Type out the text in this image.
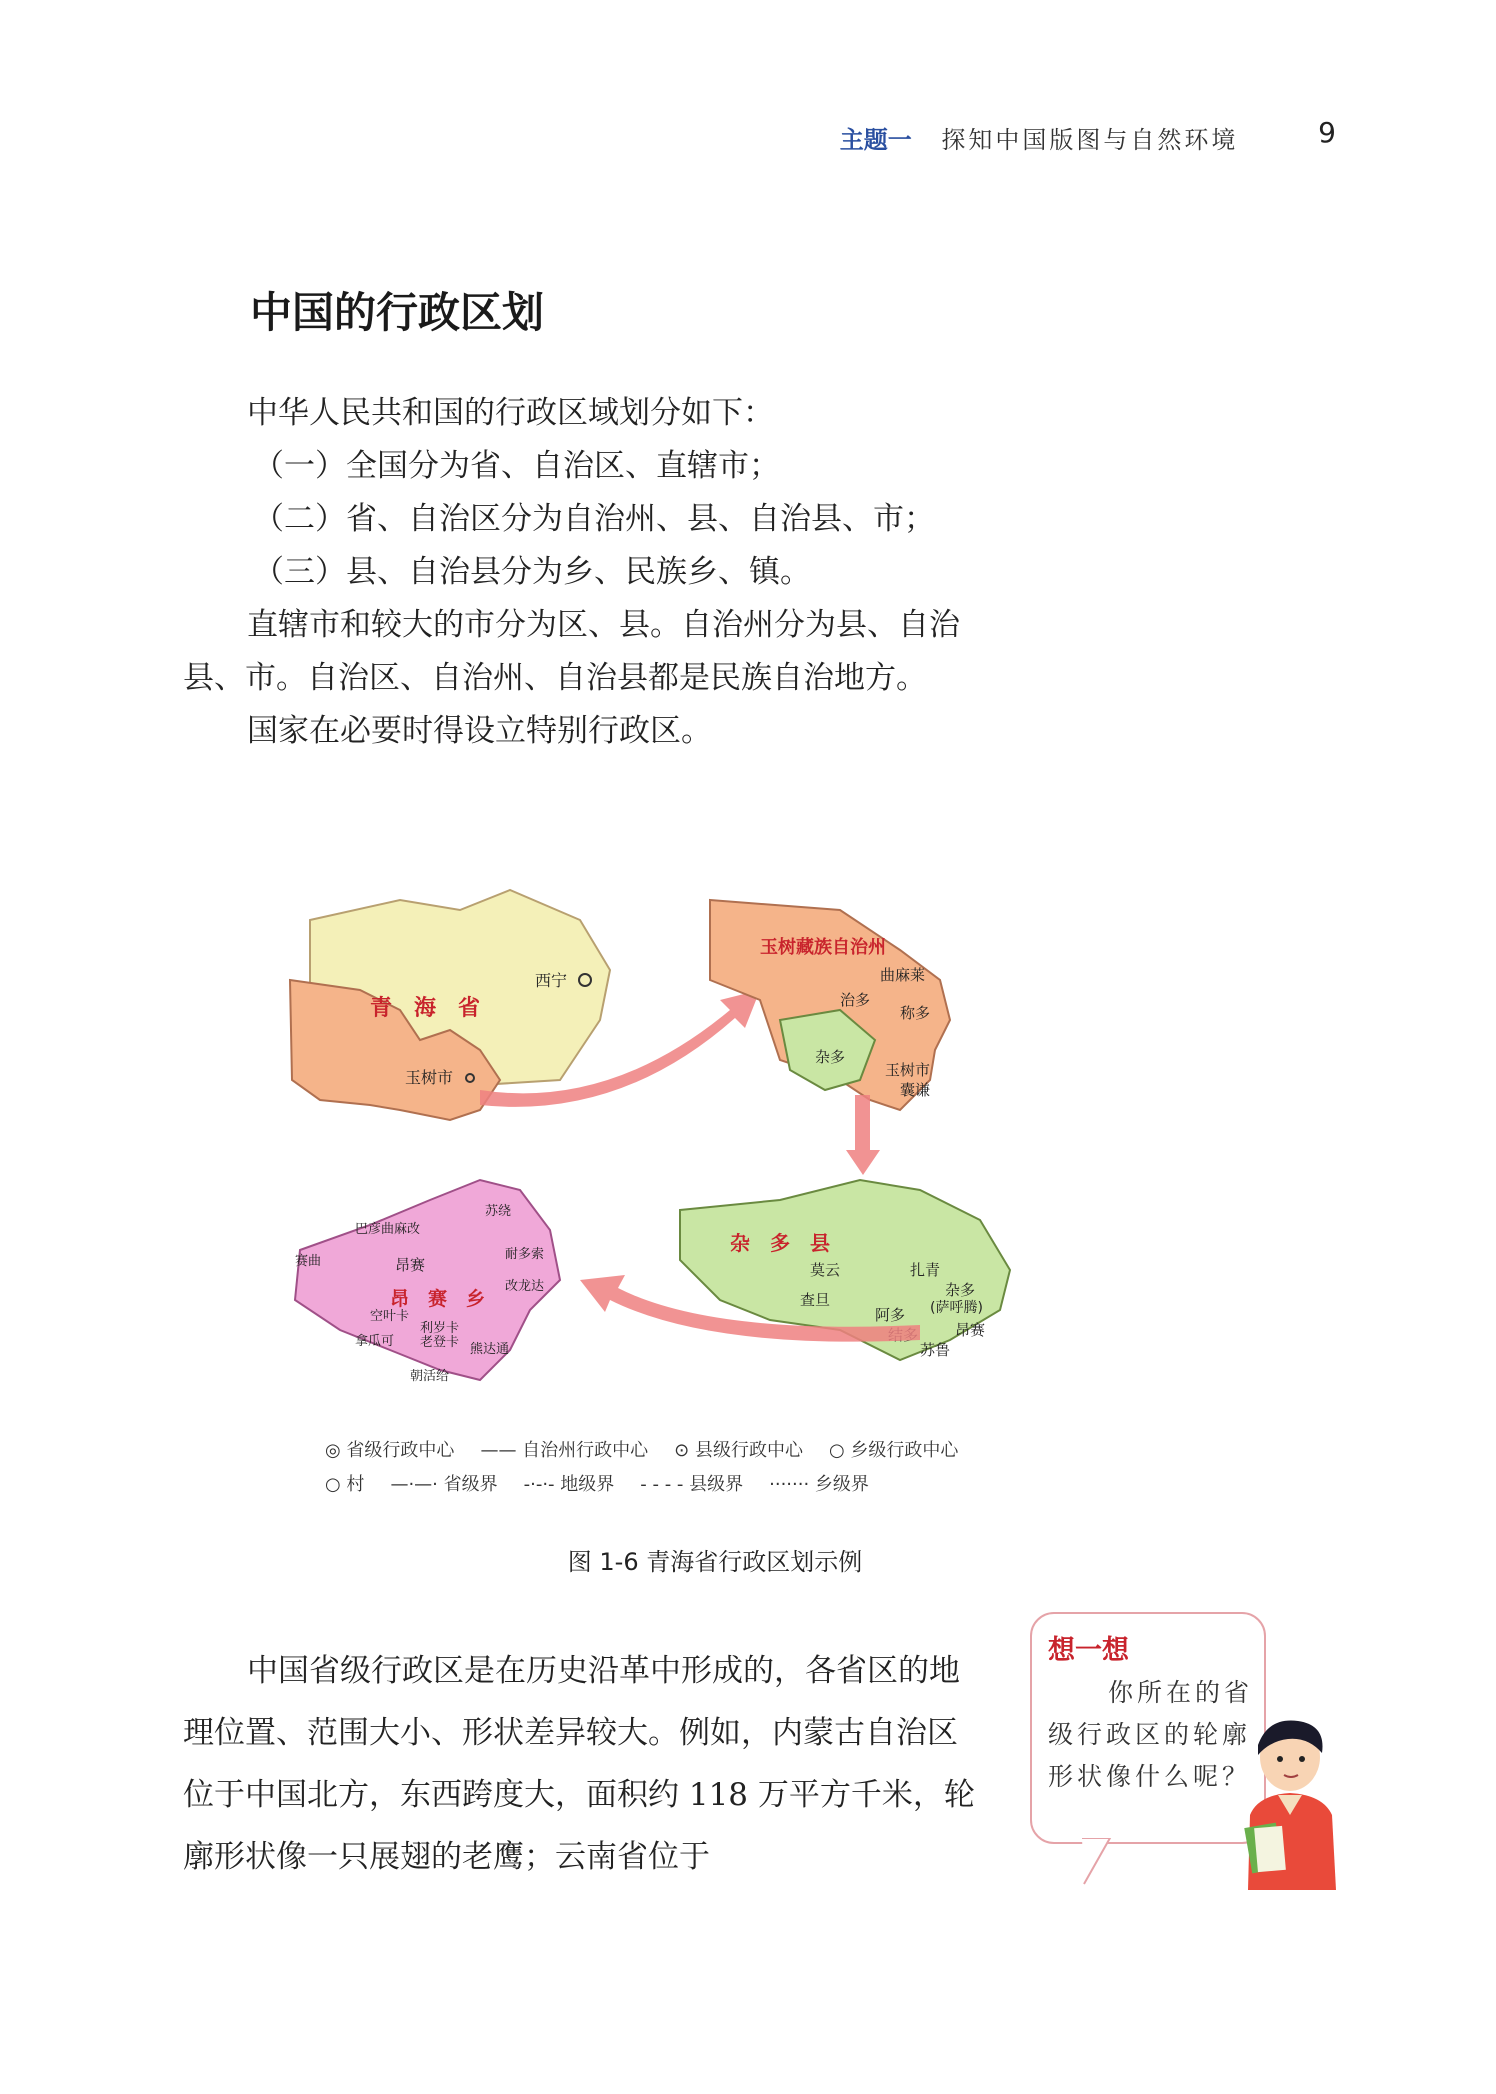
主题一 探知中国版图与自然环境	9
中国的行政区划

中华人民共和国的行政区域划分如下：

（一）全国分为省、自治区、直辖市；

（二）省、自治区分为自治州、县、自治县、市；

（三）县、自治县分为乡、民族乡、镇。

直辖市和较大的市分为区、县。自治州分为县、自治县、市。自治区、自治州、自治县都是民族自治地方。

国家在必要时得设立特别行政区。

青　海　省
西宁
玉树市
玉树藏族自治州
曲麻莱
治多
称多
杂多
玉树市
囊谦
杂　多　县
莫云	扎青
查旦
杂多
(萨呼腾)
阿多
昂赛
苏鲁
昂　赛　乡
苏绕
巴彦曲麻改
赛曲	昂赛
耐多索
改龙达
空叶卡
利岁卡
拿瓜可 老登卡 熊达通
朝活给
◎ 省级行政中心 —— 自治州行政中心 ⊙ 县级行政中心 ○ 乡级行政中心
○ 村 —·—· 省级界 -·-·- 地级界 - - - - 县级界 ······· 乡级界
图 1-6 青海省行政区划示例

中国省级行政区是在历史沿革中形成的，各省区的地理位置、范围大小、形状差异较大。例如，内蒙古自治区位于中国北方，东西跨度大，面积约 118 万平方千米，轮廓形状像一只展翅的老鹰；云南省位于

想一想
你所在的省级行政区的轮廓形状像什么呢？
